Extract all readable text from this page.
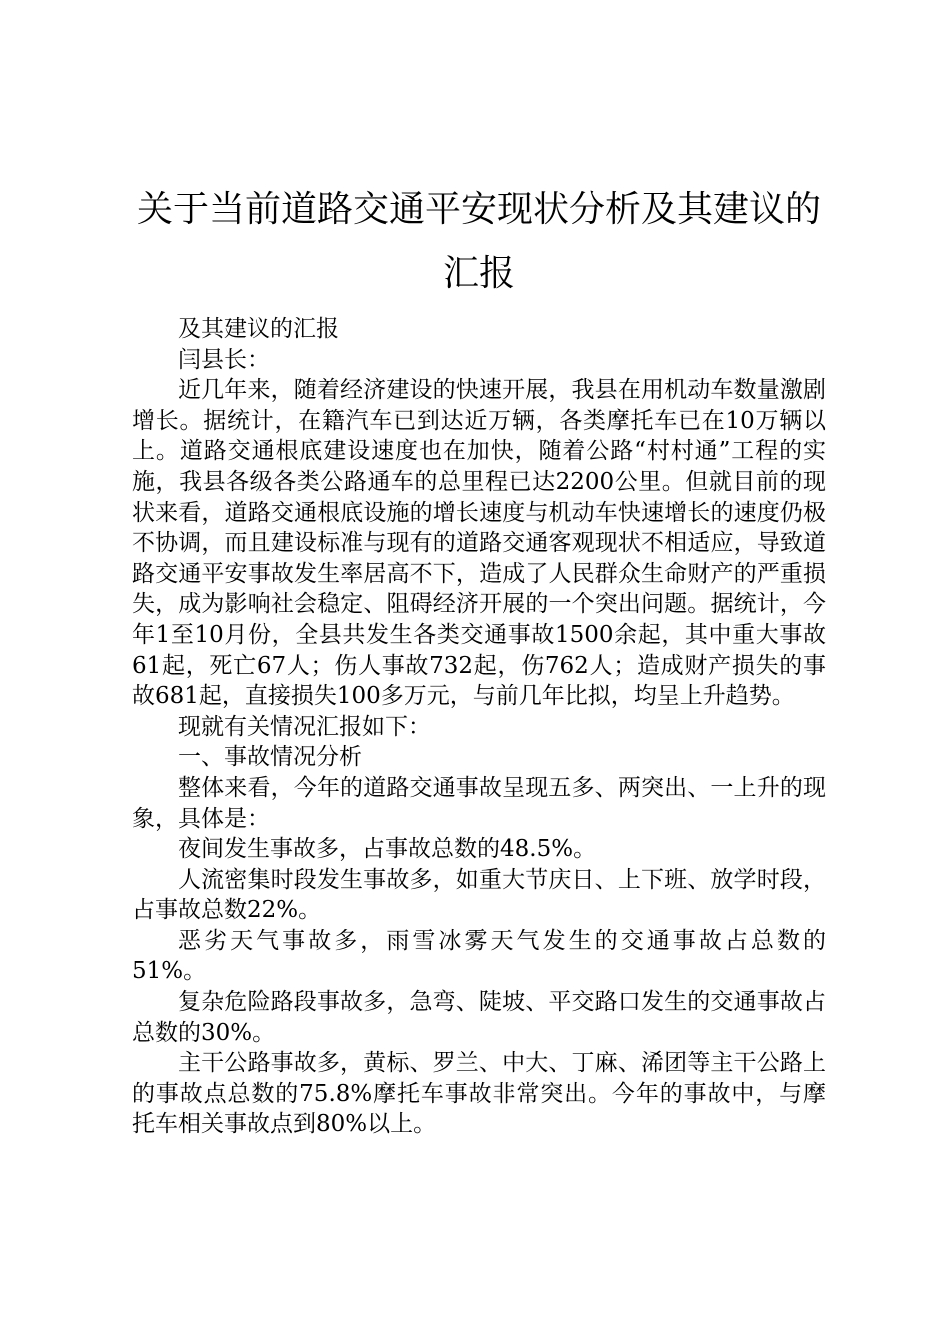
关于当前道路交通平安现状分析及其建议的
汇报

及其建议的汇报

闫县长：

近几年来，随着经济建设的快速开展，我县在用机动车数量激剧增长。据统计，在籍汽车已到达近万辆，各类摩托车已在10万辆以上。道路交通根底建设速度也在加快，随着公路“村村通”工程的实施，我县各级各类公路通车的总里程已达2200公里。但就目前的现状来看，道路交通根底设施的增长速度与机动车快速增长的速度仍极不协调，而且建设标准与现有的道路交通客观现状不相适应，导致道路交通平安事故发生率居高不下，造成了人民群众生命财产的严重损失，成为影响社会稳定、阻碍经济开展的一个突出问题。据统计，今年1至10月份，全县共发生各类交通事故1500余起，其中重大事故61起，死亡67人；伤人事故732起，伤762人；造成财产损失的事故681起，直接损失100多万元，与前几年比拟，均呈上升趋势。

现就有关情况汇报如下：

一、事故情况分析

整体来看，今年的道路交通事故呈现五多、两突出、一上升的现象，具体是：

夜间发生事故多，占事故总数的48.5%。

人流密集时段发生事故多，如重大节庆日、上下班、放学时段，占事故总数22%。

恶劣天气事故多，雨雪冰雾天气发生的交通事故占总数的51%。

复杂危险路段事故多，急弯、陡坡、平交路口发生的交通事故占总数的30%。

主干公路事故多，黄标、罗兰、中大、丁麻、浠团等主干公路上的事故点总数的75.8%摩托车事故非常突出。今年的事故中，与摩托车相关事故点到80%以上。
